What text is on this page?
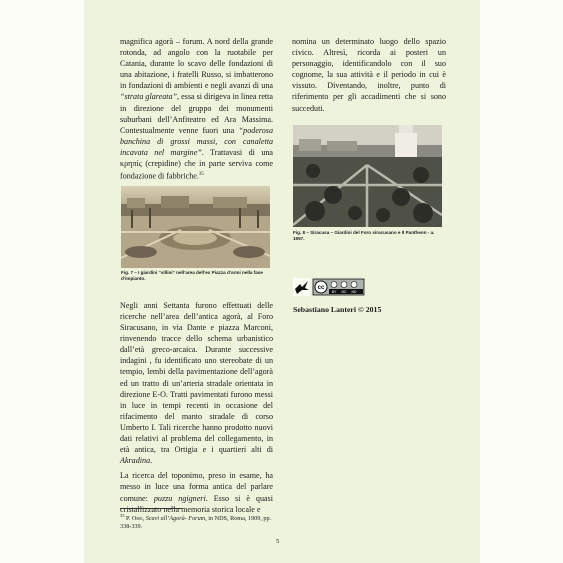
magnifica agorà – forum. A nord della grande rotonda, ad angolo con la ruotabile per Catania, durante lo scavo delle fondazioni di una abitazione, i fratelli Russo, si imbatterono in fondazioni di ambienti e negli avanzi di una “strata glareata”, essa si dirigeva in linea retta in direzione del gruppo dei monumenti suburbani dell’Anfiteatro ed Ara Massima. Contestualmente venne fuori una “poderosa banchina di grossi massi, con canaletta incavata nel margine”. Trattavasi di una κρηπίς (crepidine) che in parte serviva come fondazione di fabbriche.$^{35}$

Negli anni Settanta furono effettuati delle ricerche nell’area dell’antica agorà, al Foro Siracusano, in via Dante e piazza Marconi, rinvenendo tracce dello schema urbanistico dall’età greco-arcaica. Durante successive indagini , fu identificato uno stereobate di un tempio, lembi della pavimentazione dell’agorà ed un tratto di un’arteria stradale orientata in direzione E-O. Tratti pavimentati furono messi in luce in tempi recenti in occasione del rifacimento del manto stradale di corso Umberto I. Tali ricerche hanno prodotto nuovi dati relativi al problema del collegamento, in età antica, tra Ortigia e i quartieri alti di Akradina.

La ricerca del toponimo, preso in esame, ha messo in luce una forma antica del parlare comune: puzzu ngigneri. Esso si è quasi cristallizzato nella memoria storica locale e

Fig. 7 – I giardini “villini” nell’area dell’ex Piazza d’armi nella fase d’impianto.

nomina un determinato luogo dello spazio civico. Altresì, ricorda ai posteri un personaggio, identificandolo con il suo cognome, la sua attività e il periodo in cui è vissuto. Diventando, inoltre, punto di riferimento per gli accadimenti che si sono succeduti.

Fig. 8 – Siracusa – Giardini del Foro siracusano e Il Pantheon - a. 1957.
cc
BY NC ND
Sebastiano Lanteri © 2015
$^{35}$ P. Orsi, Scavi all’Agorà- Forum, in NDS, Roma, 1909, pp. 338-339.
5
